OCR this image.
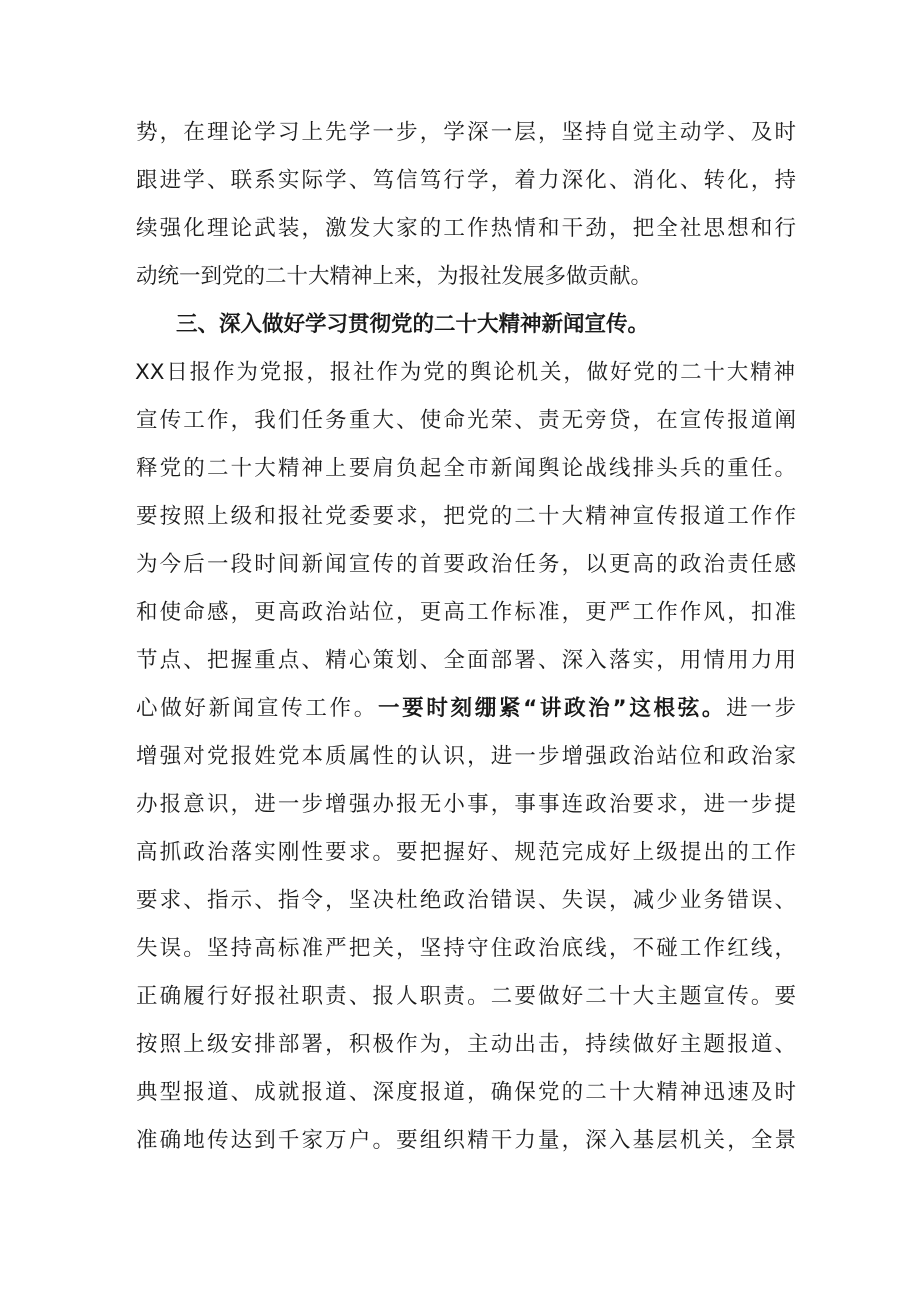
势，在理论学习上先学一步，学深一层，坚持自觉主动学、及时
跟进学、联系实际学、笃信笃行学，着力深化、消化、转化，持
续强化理论武装，激发大家的工作热情和干劲，把全社思想和行
动统一到党的二十大精神上来，为报社发展多做贡献。
三、深入做好学习贯彻党的二十大精神新闻宣传。
XX日报作为党报，报社作为党的舆论机关，做好党的二十大精神
宣传工作，我们任务重大、使命光荣、责无旁贷，在宣传报道阐
释党的二十大精神上要肩负起全市新闻舆论战线排头兵的重任。
要按照上级和报社党委要求，把党的二十大精神宣传报道工作作
为今后一段时间新闻宣传的首要政治任务，以更高的政治责任感
和使命感，更高政治站位，更高工作标准，更严工作作风，扣准
节点、把握重点、精心策划、全面部署、深入落实，用情用力用
心做好新闻宣传工作。一要时刻绷紧“讲政治”这根弦。进一步
增强对党报姓党本质属性的认识，进一步增强政治站位和政治家
办报意识，进一步增强办报无小事，事事连政治要求，进一步提
高抓政治落实刚性要求。要把握好、规范完成好上级提出的工作
要求、指示、指令，坚决杜绝政治错误、失误，减少业务错误、
失误。坚持高标准严把关，坚持守住政治底线，不碰工作红线，
正确履行好报社职责、报人职责。二要做好二十大主题宣传。要
按照上级安排部署，积极作为，主动出击，持续做好主题报道、
典型报道、成就报道、深度报道，确保党的二十大精神迅速及时
准确地传达到千家万户。要组织精干力量，深入基层机关，全景
